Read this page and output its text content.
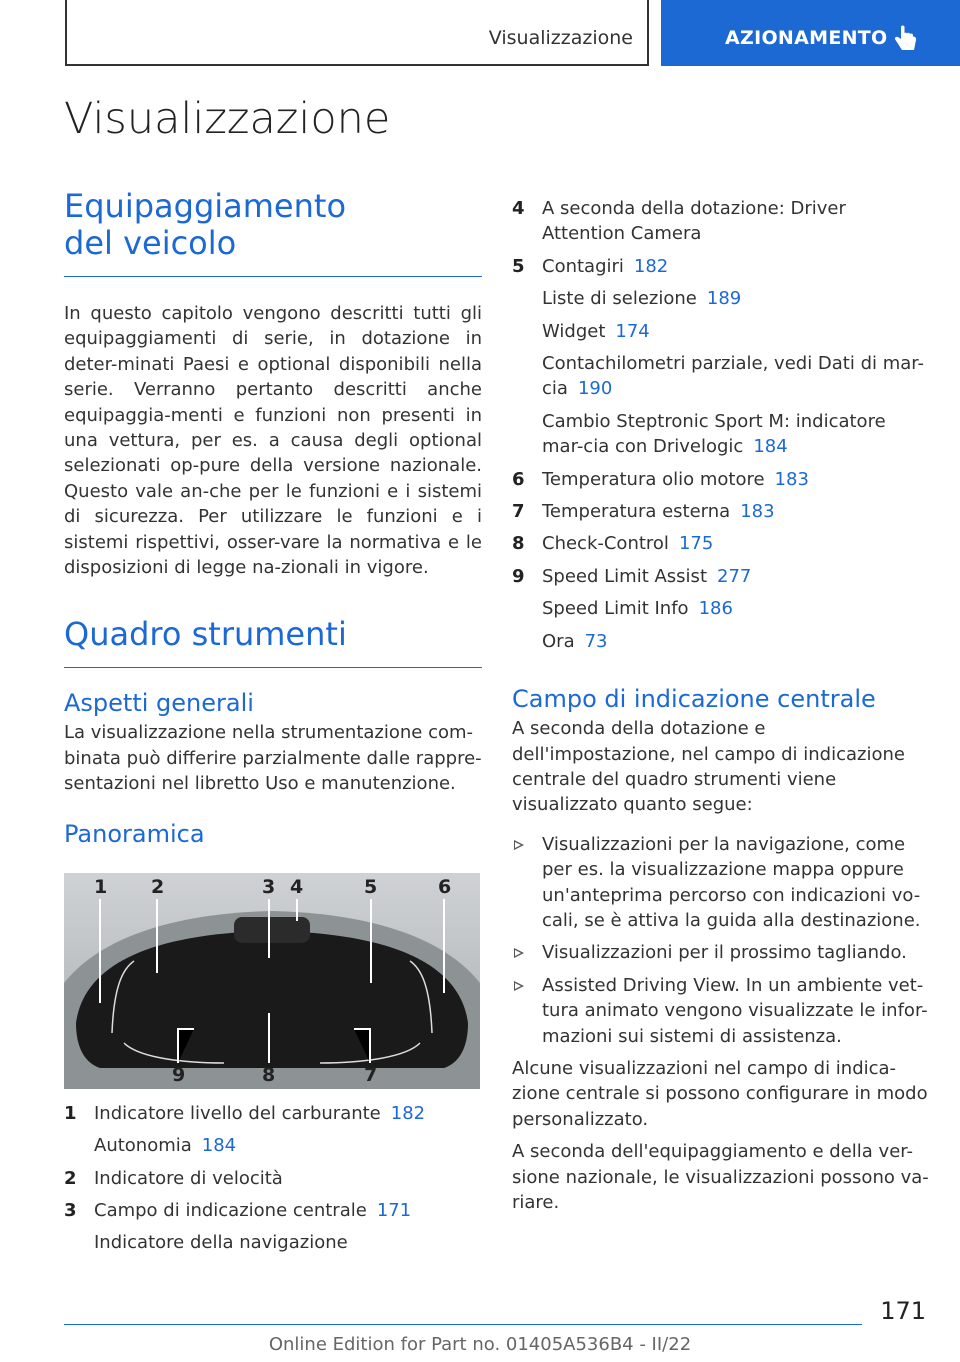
Visualizzazione	AZIONAMENTO
Visualizzazione
Equipaggiamento del veicolo

In questo capitolo vengono descritti tutti gli equipaggiamenti di serie, in dotazione in deter-minati Paesi e optional disponibili nella serie. Verranno pertanto descritti anche equipaggia-menti e funzioni non presenti in una vettura, per es. a causa degli optional selezionati op-pure della versione nazionale. Questo vale an-che per le funzioni e i sistemi di sicurezza. Per utilizzare le funzioni e i sistemi rispettivi, osser-vare la normativa e le disposizioni di legge na-zionali in vigore.

Quadro strumenti
Aspetti generali

La visualizzazione nella strumentazione com-binata può differire parzialmente dalle rappre-sentazioni nel libretto Uso e manutenzione.

Panoramica
1 2	3 4	5	6
7
8
9
1 Indicatore livello del carburante 182
Autonomia 184
2 Indicatore di velocità
3 Campo di indicazione centrale 171
Indicatore della navigazione
4 A seconda della dotazione: Driver Attention Camera
5 Contagiri 182
Liste di selezione 189
Widget 174
Contachilometri parziale, vedi Dati di mar-cia 190
Cambio Steptronic Sport M: indicatore mar-cia con Drivelogic 184
6 Temperatura olio motore 183
7 Temperatura esterna 183
8 Check-Control 175
9 Speed Limit Assist 277
Speed Limit Info 186
Ora 73
Campo di indicazione centrale

A seconda della dotazione e dell'impostazione, nel campo di indicazione centrale del quadro strumenti viene visualizzato quanto segue:

Visualizzazioni per la navigazione, come per es. la visualizzazione mappa oppure un'anteprima percorso con indicazioni vo-cali, se è attiva la guida alla destinazione.
Visualizzazioni per il prossimo tagliando.
Assisted Driving View. In un ambiente vet-tura animato vengono visualizzate le infor-mazioni sui sistemi di assistenza.

Alcune visualizzazioni nel campo di indica-zione centrale si possono configurare in modo personalizzato.

A seconda dell'equipaggiamento e della ver-sione nazionale, le visualizzazioni possono va-riare.

171
Online Edition for Part no. 01405A536B4 - II/22
